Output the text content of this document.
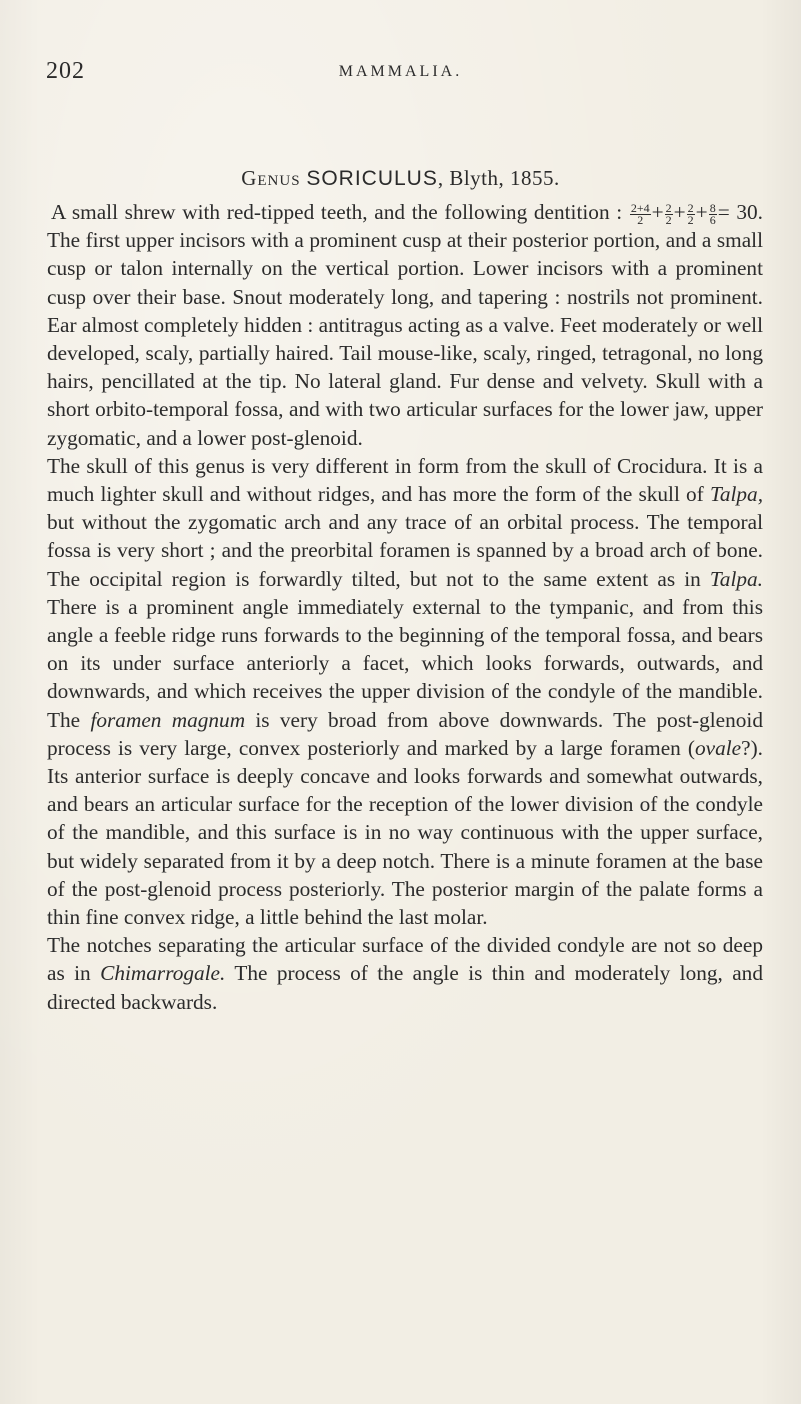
202	MAMMALIA.
Genus SORICULUS, Blyth, 1855.

A small shrew with red-tipped teeth, and the following dentition : $\frac{2+4}{2} + \frac{2}{2} + \frac{2}{2} + \frac{8}{6} = 30$. The first upper incisors with a prominent cusp at their posterior portion, and a small cusp or talon internally on the vertical portion. Lower incisors with a prominent cusp over their base. Snout moderately long, and tapering : nostrils not prominent. Ear almost completely hidden : antitragus acting as a valve. Feet moderately or well developed, scaly, partially haired. Tail mouse-like, scaly, ringed, tetragonal, no long hairs, pencillated at the tip. No lateral gland. Fur dense and velvety. Skull with a short orbito-temporal fossa, and with two articular surfaces for the lower jaw, upper zygomatic, and a lower post-glenoid.

The skull of this genus is very different in form from the skull of Crocidura. It is a much lighter skull and without ridges, and has more the form of the skull of Talpa, but without the zygomatic arch and any trace of an orbital process. The temporal fossa is very short ; and the preorbital foramen is spanned by a broad arch of bone. The occipital region is forwardly tilted, but not to the same extent as in Talpa. There is a prominent angle immediately external to the tympanic, and from this angle a feeble ridge runs forwards to the beginning of the temporal fossa, and bears on its under surface anteriorly a facet, which looks forwards, outwards, and downwards, and which receives the upper division of the condyle of the mandible. The foramen magnum is very broad from above downwards. The post-glenoid process is very large, convex posteriorly and marked by a large foramen (ovale?). Its anterior surface is deeply concave and looks forwards and somewhat outwards, and bears an articular surface for the reception of the lower division of the condyle of the mandible, and this surface is in no way continuous with the upper surface, but widely separated from it by a deep notch. There is a minute foramen at the base of the post-glenoid process posteriorly. The posterior margin of the palate forms a thin fine convex ridge, a little behind the last molar.

The notches separating the articular surface of the divided condyle are not so deep as in Chimarrogale. The process of the angle is thin and moderately long, and directed backwards.
